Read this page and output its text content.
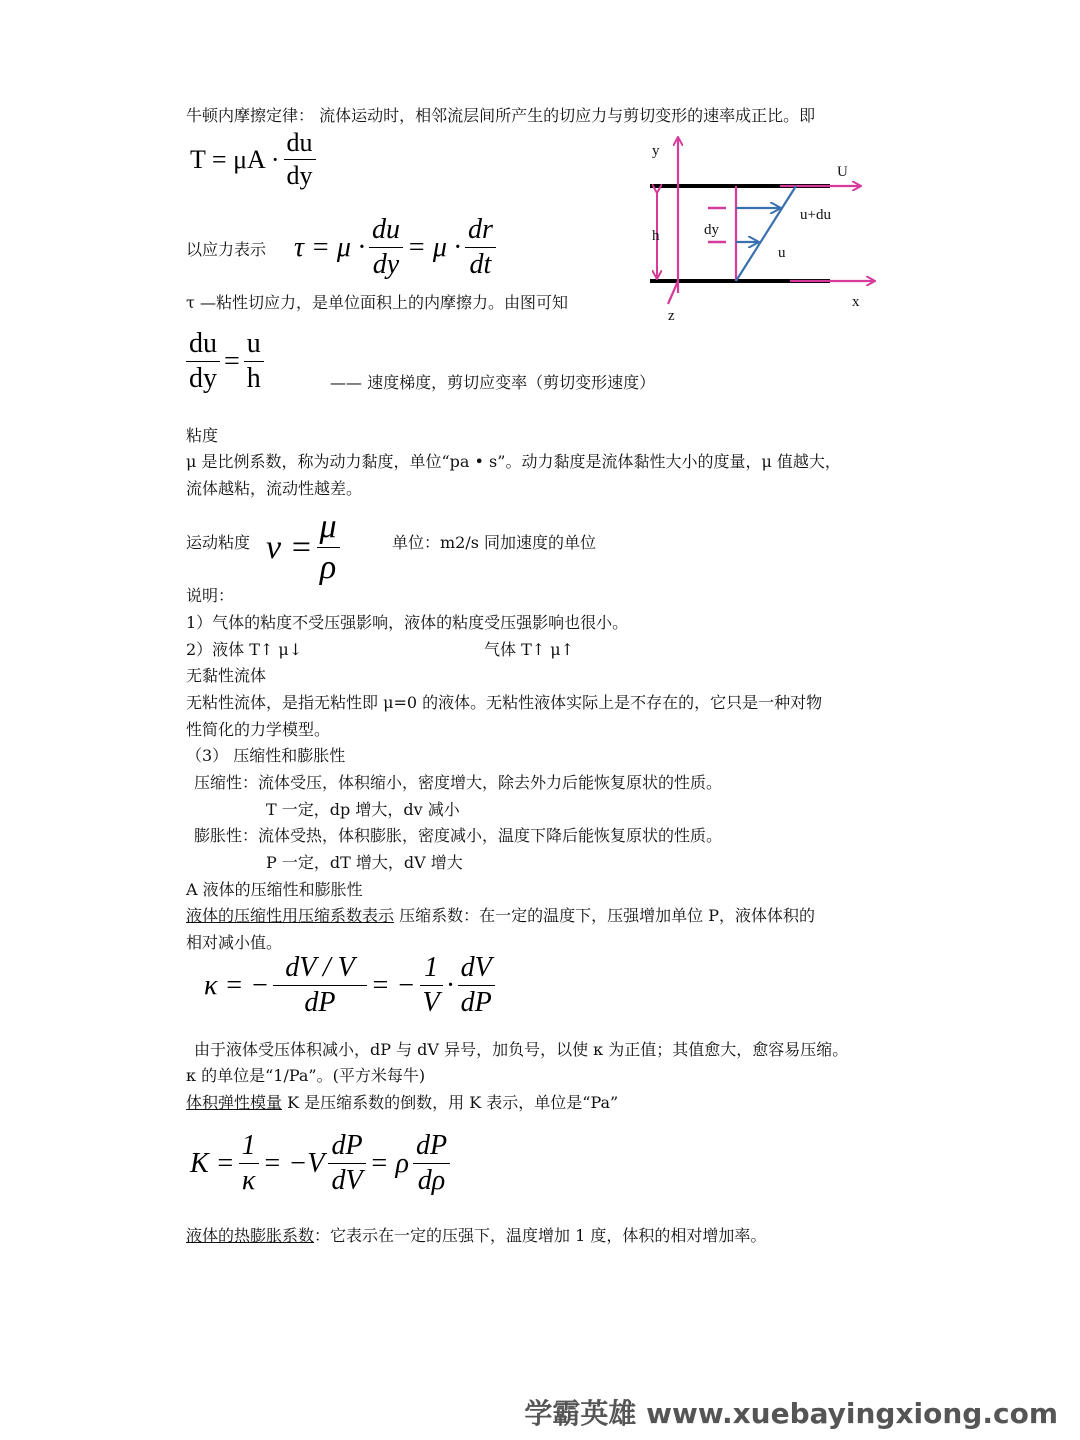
牛顿内摩擦定律： 流体运动时，相邻流层间所产生的切应力与剪切变形的速率成正比。即
$T = \mu A \cdot \frac{du}{dy}$
以应力表示 $\tau = \mu \cdot \frac{du}{dy} = \mu \cdot \frac{dr}{dt}$
τ —粘性切应力，是单位面积上的内摩擦力。由图可知
$\frac{du}{dy} = \frac{u}{h}$	—— 速度梯度，剪切应变率（剪切变形速度）
粘度
μ 是比例系数，称为动力黏度，单位“pa • s”。动力黏度是流体黏性大小的度量，μ 值越大，
流体越粘，流动性越差。
运动粘度 $\nu = \frac{\mu}{\rho}$	单位：m2/s 同加速度的单位
说明：
1）气体的粘度不受压强影响，液体的粘度受压强影响也很小。
2）液体 T↑ μ↓	气体 T↑ μ↑
无黏性流体
无粘性流体，是指无粘性即 μ=0 的液体。无粘性液体实际上是不存在的，它只是一种对物
性简化的力学模型。
（3） 压缩性和膨胀性
压缩性：流体受压，体积缩小，密度增大，除去外力后能恢复原状的性质。
T 一定，dp 增大，dv 减小
膨胀性：流体受热，体积膨胀，密度减小，温度下降后能恢复原状的性质。
P 一定，dT 增大，dV 增大
A 液体的压缩性和膨胀性
液体的压缩性用压缩系数表示 压缩系数：在一定的温度下，压强增加单位 P，液体体积的
相对减小值。
κ = − $\frac{dV / V}{dP}$ = − $\frac{1}{V} \cdot \frac{dV}{dP}$
由于液体受压体积减小，dP 与 dV 异号，加负号，以使 κ 为正值；其值愈大，愈容易压缩。
κ 的单位是“1/Pa”。(平方米每牛)
体积弹性模量 K 是压缩系数的倒数，用 K 表示，单位是“Pa”
$K = \frac{1}{\kappa} = -V \frac{dP}{dV} = \rho \frac{dP}{d\rho}$
液体的热膨胀系数：它表示在一定的压强下，温度增加 1 度，体积的相对增加率。
y
U
u+du
dy
h
u
z
x
学霸英雄 www.xuebayingxiong.com
